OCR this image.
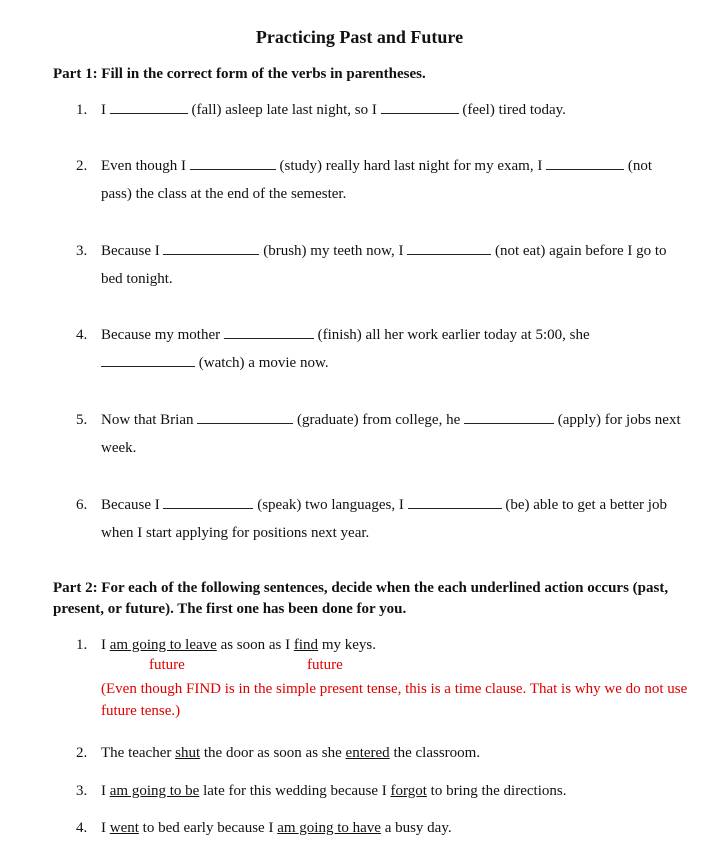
Practicing Past and Future
Part 1: Fill in the correct form of the verbs in parentheses.
1. I	(fall) asleep late last night, so I	(feel) tired today.
2. Even though I	(study) really hard last night for my exam, I	(not pass) the class at the end of the semester.
3. Because I	(brush) my teeth now, I	(not eat) again before I go to bed tonight.
4. Because my mother	(finish) all her work earlier today at 5:00, she  (watch) a movie now.
5. Now that Brian	(graduate) from college, he	(apply) for jobs next week.
6. Because I	(speak) two languages, I	(be) able to get a better job when I start applying for positions next year.
Part 2: For each of the following sentences, decide when the each underlined action occurs (past, present, or future). The first one has been done for you.
1. I am going to leave as soon as I find my keys.
future	future
(Even though FIND is in the simple present tense, this is a time clause. That is why we do not use future tense.)
2. The teacher shut the door as soon as she entered the classroom.
3. I am going to be late for this wedding because I forgot to bring the directions.
4. I went to bed early because I am going to have a busy day.
